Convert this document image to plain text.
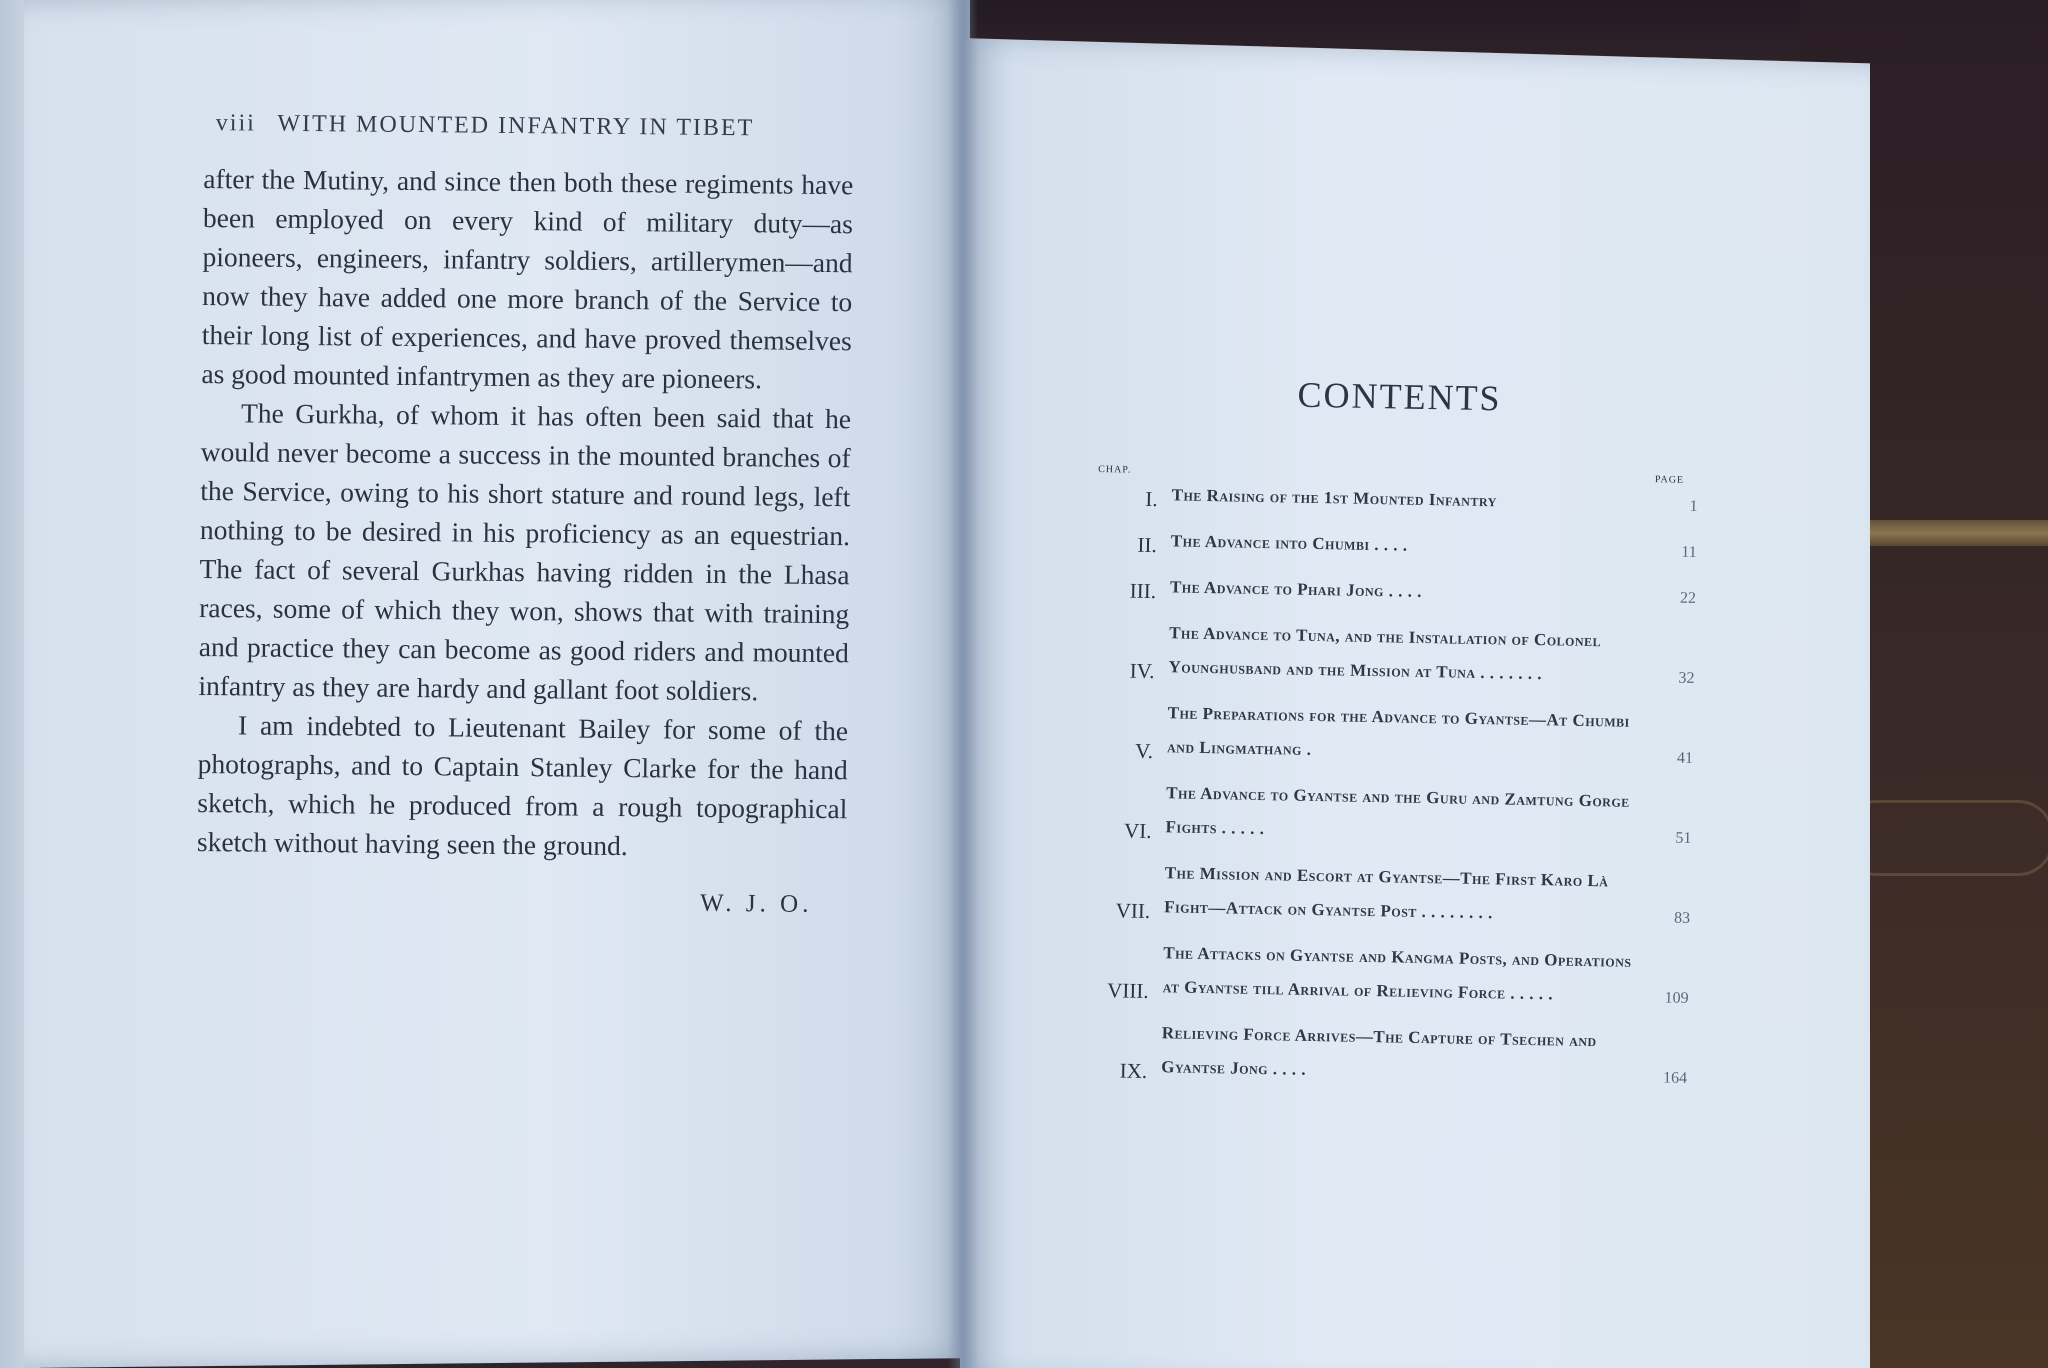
viii WITH MOUNTED INFANTRY IN TIBET

after the Mutiny, and since then both these regiments have been employed on every kind of military duty—as pioneers, engineers, infantry soldiers, artillerymen—and now they have added one more branch of the Service to their long list of experiences, and have proved themselves as good mounted infantrymen as they are pioneers.

The Gurkha, of whom it has often been said that he would never become a success in the mounted branches of the Service, owing to his short stature and round legs, left nothing to be desired in his proficiency as an equestrian. The fact of several Gurkhas having ridden in the Lhasa races, some of which they won, shows that with training and practice they can become as good riders and mounted infantry as they are hardy and gallant foot soldiers.

I am indebted to Lieutenant Bailey for some of the photographs, and to Captain Stanley Clarke for the hand sketch, which he produced from a rough topographical sketch without having seen the ground.

W. J. O.
CONTENTS
CHAP.
PAGE
I. The Raising of the 1st Mounted Infantry	1
II. The Advance into Chumbi . . . .	11
III. The Advance to Phari Jong . . . .	22
IV.
The Advance to Tuna, and the Installation of Colonel Younghusband and the Mission at Tuna . . . . . . .	32
V.
The Preparations for the Advance to Gyantse—At Chumbi and Lingmathang .	41
VI.
The Advance to Gyantse and the Guru and Zamtung Gorge Fights . . . . .
51
VII.
The Mission and Escort at Gyantse—The First Karo Là Fight—Attack on Gyantse Post . . . . . . . .	83
VIII.
The Attacks on Gyantse and Kangma Posts, and Operations at Gyantse till Arrival of Relieving Force . . . . .	109
IX.
Relieving Force Arrives—The Capture of Tsechen and Gyantse Jong . . . .	164
